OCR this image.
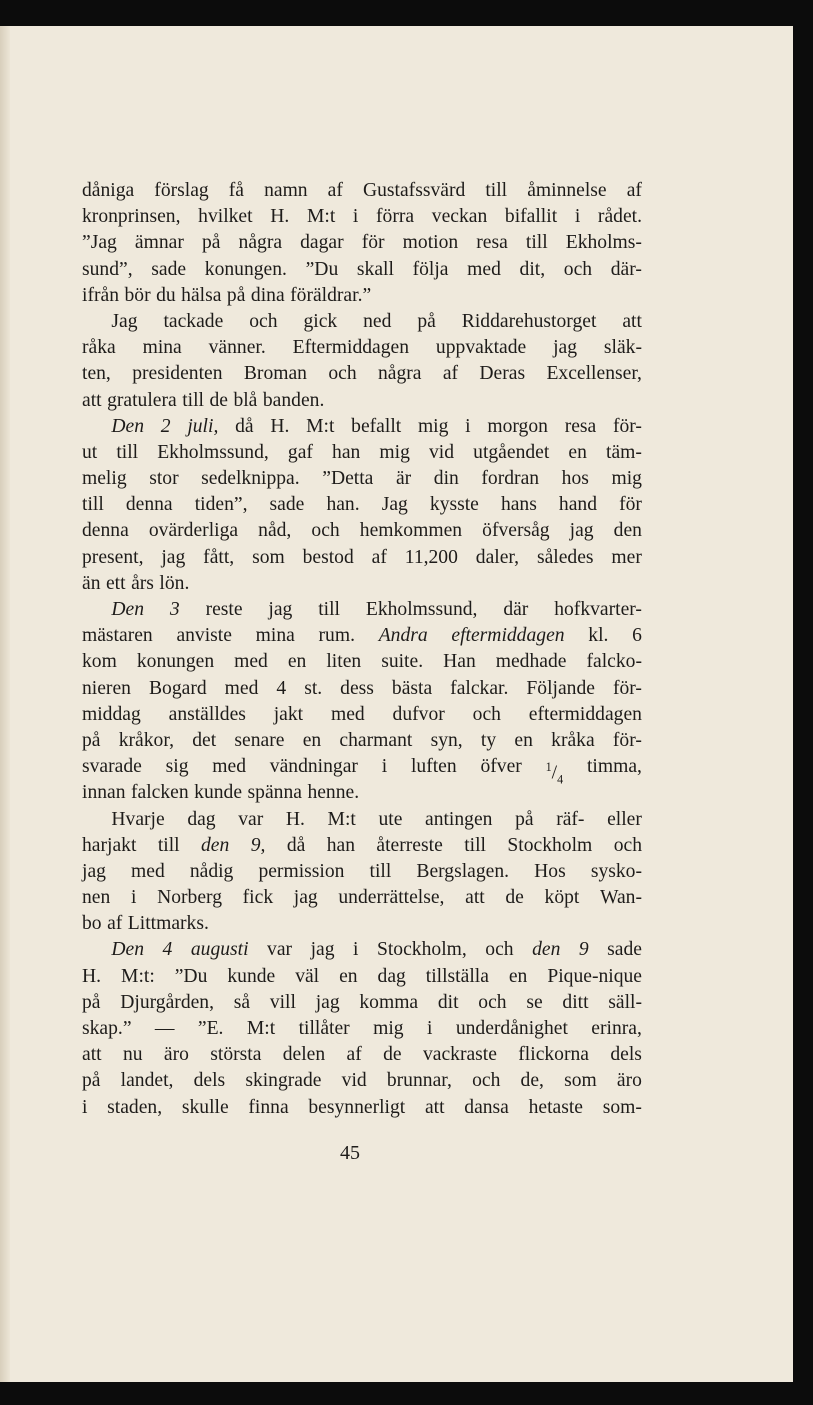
dåniga förslag få namn af Gustafssvärd till åminnelse af
kronprinsen, hvilket H. M:t i förra veckan bifallit i rådet.
”Jag ämnar på några dagar för motion resa till Ekholms-
sund”, sade konungen. ”Du skall följa med dit, och där-
ifrån bör du hälsa på dina föräldrar.”
Jag tackade och gick ned på Riddarehustorget att
råka mina vänner. Eftermiddagen uppvaktade jag släk-
ten, presidenten Broman och några af Deras Excellenser,
att gratulera till de blå banden.
Den 2 juli, då H. M:t befallt mig i morgon resa för-
ut till Ekholmssund, gaf han mig vid utgåendet en täm-
melig stor sedelknippa. ”Detta är din fordran hos mig
till denna tiden”, sade han. Jag kysste hans hand för
denna ovärderliga nåd, och hemkommen öfversåg jag den
present, jag fått, som bestod af 11,200 daler, således mer
än ett års lön.
Den 3 reste jag till Ekholmssund, där hofkvarter-
mästaren anviste mina rum. Andra eftermiddagen kl. 6
kom konungen med en liten suite. Han medhade falcko-
nieren Bogard med 4 st. dess bästa falckar. Följande för-
middag anställdes jakt med dufvor och eftermiddagen
på kråkor, det senare en charmant syn, ty en kråka för-
svarade sig med vändningar i luften öfver $^1/_4$
timma,
innan falcken kunde spänna henne.
Hvarje dag var H. M:t ute antingen på räf- eller
harjakt till den 9, då han återreste till Stockholm och
jag med nådig permission till Bergslagen. Hos sysko-
nen i Norberg fick jag underrättelse, att de köpt Wan-
bo af Littmarks.
Den 4 augusti var jag i Stockholm, och den 9 sade
H. M:t: ”Du kunde väl en dag tillställa en Pique-nique
på Djurgården, så vill jag komma dit och se ditt säll-
skap.” — ”E. M:t tillåter mig i underdånighet erinra,
att nu äro största delen af de vackraste flickorna dels
på landet, dels skingrade vid brunnar, och de, som äro
i staden, skulle finna besynnerligt att dansa hetaste som-
45
